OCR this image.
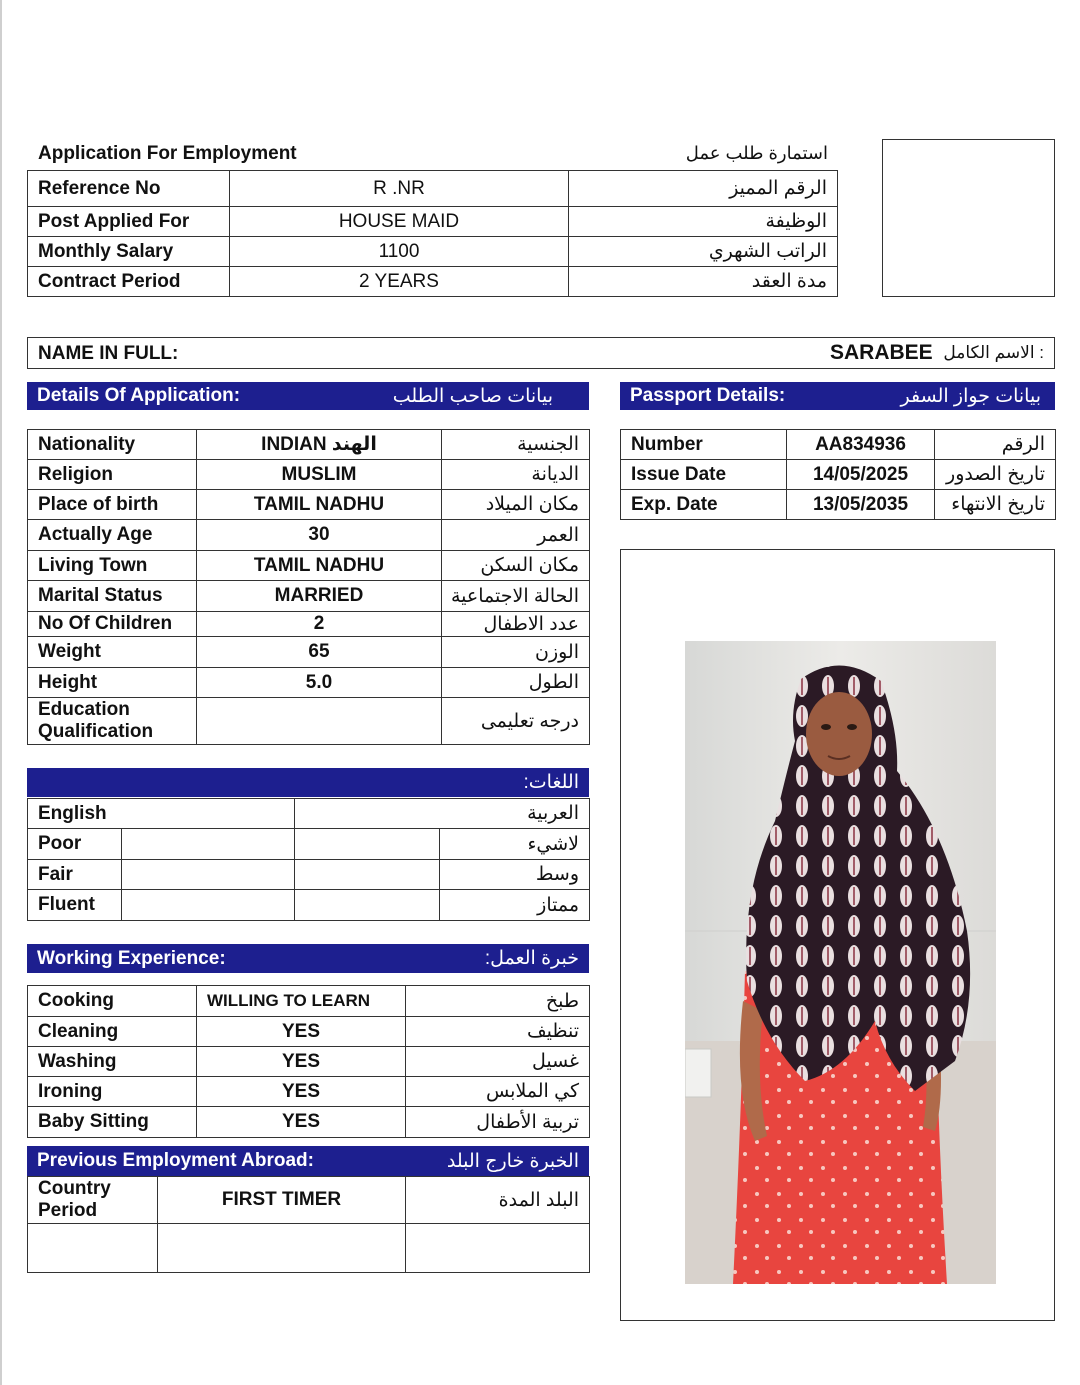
Application For Employment	استمارة طلب عمل
Reference No	R .NR	الرقم المميز
Post Applied For	HOUSE MAID	الوظيفة
Monthly Salary	1100	الراتب الشهري
Contract Period	2 YEARS	مدة العقد
NAME IN FULL:	SARABEE : الاسم الكامل
Details Of Application:	بيانات صاحب الطلب	Passport Details:	بيانات جواز السفر
Nationality	INDIAN الهند	الجنسية
Religion	MUSLIM	الديانة
Place of birth	TAMIL NADHU	مكان الميلاد
Actually Age	30	العمر
Living Town	TAMIL NADHU	مكان السكن
Marital Status	MARRIED	الحالة الاجتماعية
No Of Children	2	عدد الاطفال
Weight	65	الوزن
Height	5.0	الطول

Education
Qualification		درجه تعليمى
Number	AA834936	الرقم
Issue Date	14/05/2025	تاريخ الصدور
Exp. Date	13/05/2035	تاريخ الانتهاء
اللغات:
English		العربية	
Poor			لاشيء
Fair			وسط
Fluent			ممتاز
Working Experience:	خبرة العمل:
Cooking	WILLING TO LEARN	طبخ
Cleaning	YES	تنظيف
Washing	YES	غسيل
Ironing	YES	كي الملابس
Baby Sitting	YES	تربية الأطفال
Previous Employment Abroad:	الخبرة خارج البلد
Country
Period	FIRST TIMER	البلد المدة
